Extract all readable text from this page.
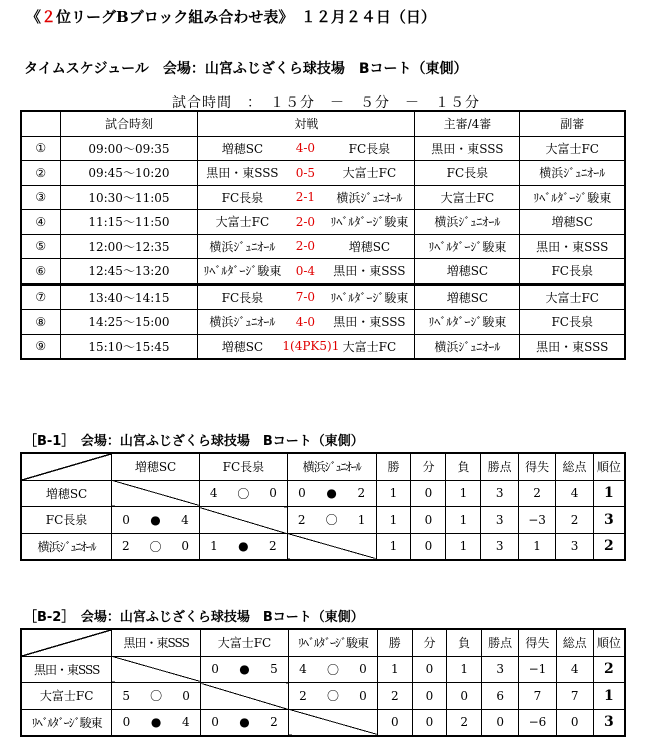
《２位リーグBブロック組み合わせ表》　１２月２４日（日）
タイムスケジュール　会場：山宮ふじざくら球技場　Bコート（東側）
試合時間　：　１５分　－　５分　－　１５分
	試合時刻	対戦	主審/4審	副審
①	09:00～09:35	増穂SC 4-0 FC長泉	黒田・東SSS	大富士FC
②	09:45～10:20	黒田・東SSS 0-5 大富士FC	FC長泉	横浜ｼﾞｭﾆｵｰﾙ
③	10:30～11:05	FC長泉 2-1 横浜ｼﾞｭﾆｵｰﾙ	大富士FC	ﾘﾍﾞﾙﾀﾞｰｼﾞ駿東
④	11:15～11:50	大富士FC 2-0 ﾘﾍﾞﾙﾀﾞｰｼﾞ駿東	横浜ｼﾞｭﾆｵｰﾙ	増穂SC
⑤	12:00～12:35	横浜ｼﾞｭﾆｵｰﾙ 2-0 増穂SC	ﾘﾍﾞﾙﾀﾞｰｼﾞ駿東	黒田・東SSS
⑥	12:45～13:20	ﾘﾍﾞﾙﾀﾞｰｼﾞ駿東 0-4 黒田・東SSS	増穂SC	FC長泉
⑦	13:40～14:15	FC長泉 7-0 ﾘﾍﾞﾙﾀﾞｰｼﾞ駿東	増穂SC	大富士FC
⑧	14:25～15:00	横浜ｼﾞｭﾆｵｰﾙ 4-0 黒田・東SSS	ﾘﾍﾞﾙﾀﾞｰｼﾞ駿東	FC長泉
⑨	15:10～15:45	増穂SC 1(4PK5)1 大富士FC	横浜ｼﾞｭﾆｵｰﾙ	黒田・東SSS
［B-1］　会場：山宮ふじざくら球技場　Bコート（東側）
	増穂SC	FC長泉	横浜ｼﾞｭﾆｵｰﾙ	勝	分	負	勝点	得失	総点	順位
増穂SC		4 〇 0	0 ● 2	1	0	1	3	2	4	1
FC長泉	0 ● 4		2 〇 1	1	0	1	3	−3	2	3
横浜ｼﾞｭﾆｵｰﾙ	2 〇 0	1 ● 2		1	0	1	3	1	3	2
［B-2］　会場：山宮ふじざくら球技場　Bコート（東側）
	黒田・東SSS	大富士FC	ﾘﾍﾞﾙﾀﾞｰｼﾞ駿東	勝	分	負	勝点	得失	総点	順位
黒田・東SSS		0 ● 5	4 〇 0	1	0	1	3	−1	4	2
大富士FC	5 〇 0		2 〇 0	2	0	0	6	7	7	1
ﾘﾍﾞﾙﾀﾞｰｼﾞ駿東	0 ● 4	0 ● 2		0	0	2	0	−6	0	3
